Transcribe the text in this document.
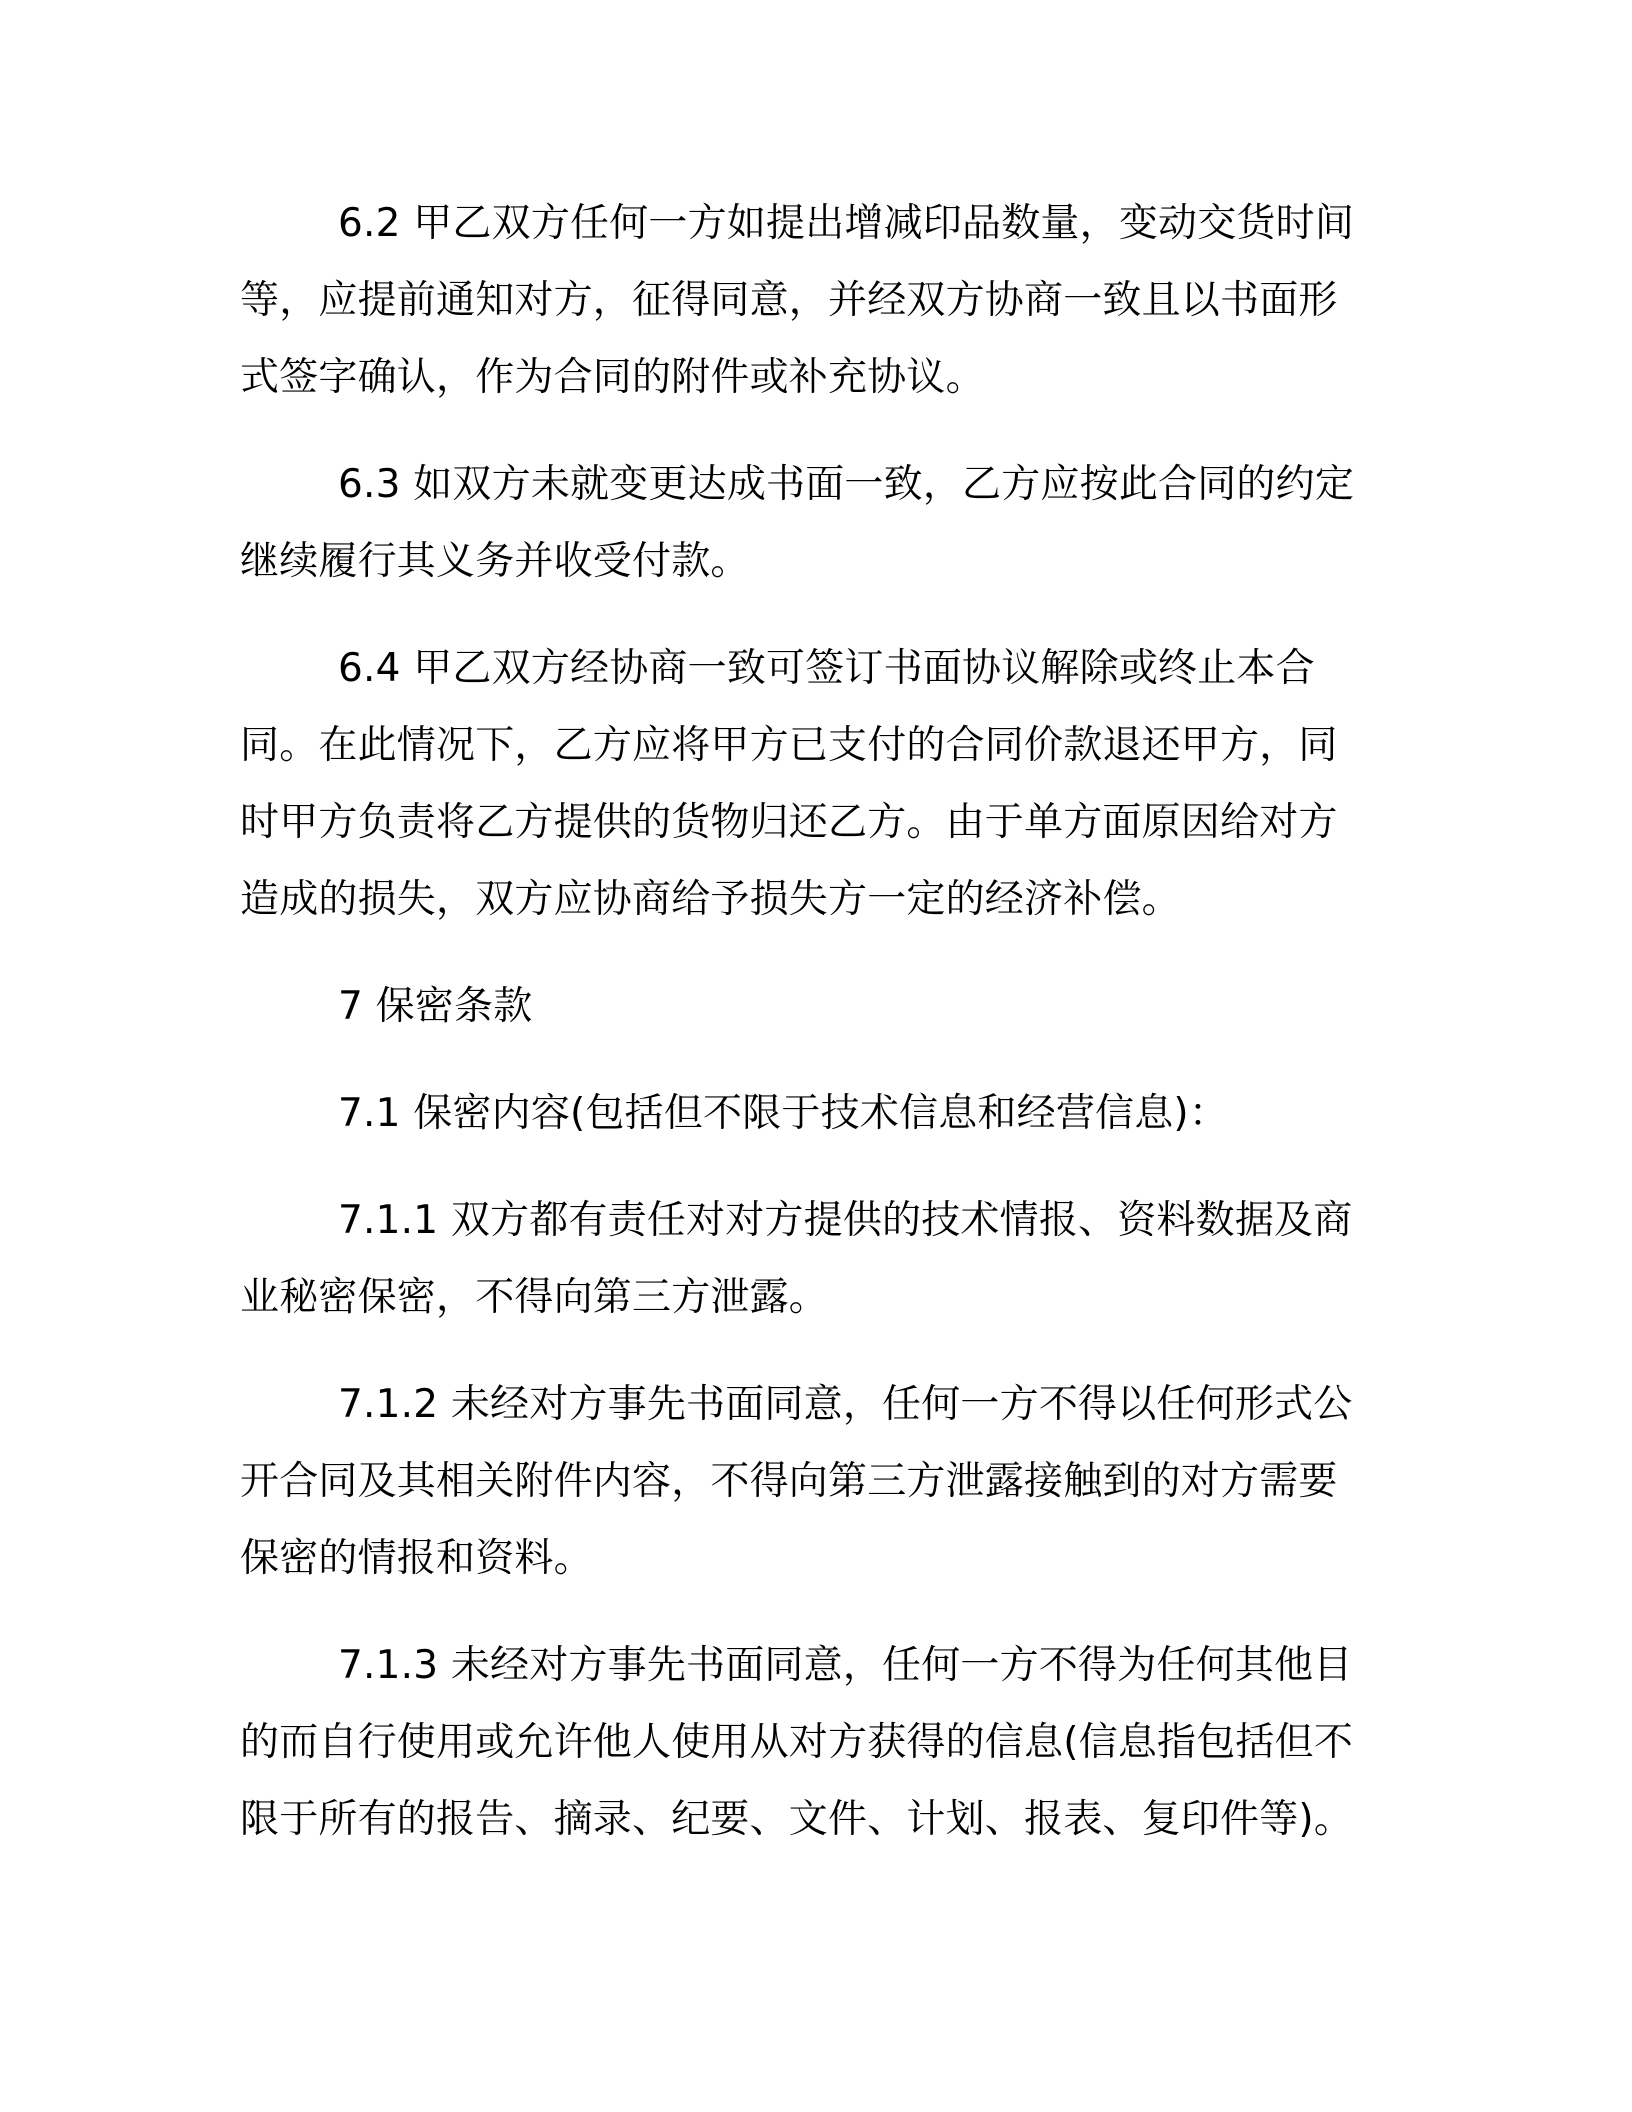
6.2 甲乙双方任何一方如提出增减印品数量，变动交货时间等，应提前通知对方，征得同意，并经双方协商一致且以书面形式签字确认，作为合同的附件或补充协议。

6.3 如双方未就变更达成书面一致，乙方应按此合同的约定继续履行其义务并收受付款。

6.4 甲乙双方经协商一致可签订书面协议解除或终止本合同。在此情况下，乙方应将甲方已支付的合同价款退还甲方，同时甲方负责将乙方提供的货物归还乙方。由于单方面原因给对方造成的损失，双方应协商给予损失方一定的经济补偿。

7 保密条款

7.1 保密内容(包括但不限于技术信息和经营信息)：

7.1.1 双方都有责任对对方提供的技术情报、资料数据及商业秘密保密，不得向第三方泄露。

7.1.2 未经对方事先书面同意，任何一方不得以任何形式公开合同及其相关附件内容，不得向第三方泄露接触到的对方需要保密的情报和资料。

7.1.3 未经对方事先书面同意，任何一方不得为任何其他目的而自行使用或允许他人使用从对方获得的信息(信息指包括但不限于所有的报告、摘录、纪要、文件、计划、报表、复印件等)。
